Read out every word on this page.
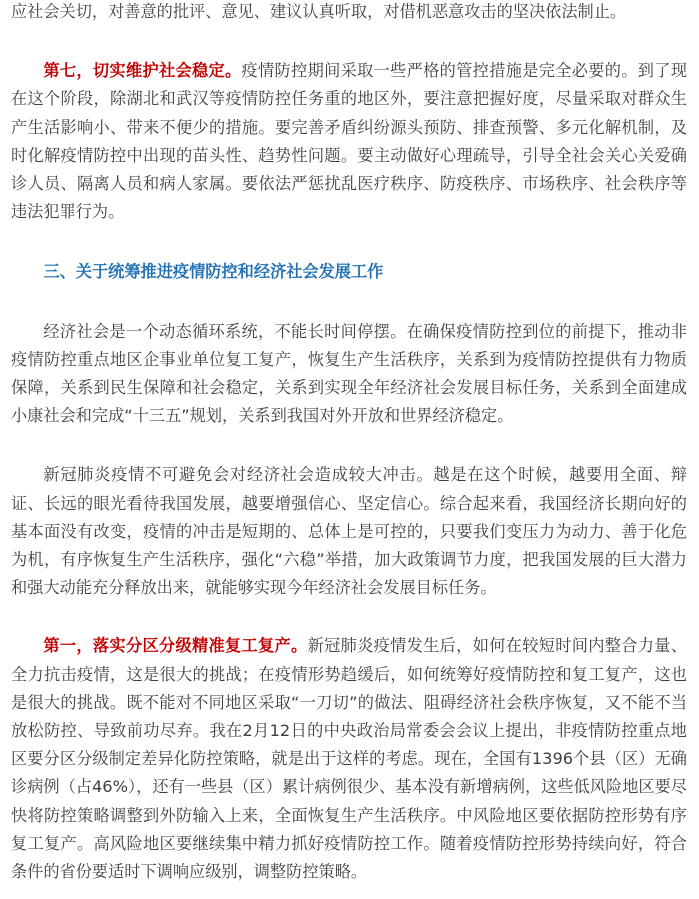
应社会关切，对善意的批评、意见、建议认真听取，对借机恶意攻击的坚决依法制止。

第七，切实维护社会稳定。疫情防控期间采取一些严格的管控措施是完全必要的。到了现在这个阶段，除湖北和武汉等疫情防控任务重的地区外，要注意把握好度，尽量采取对群众生产生活影响小、带来不便少的措施。要完善矛盾纠纷源头预防、排查预警、多元化解机制，及时化解疫情防控中出现的苗头性、趋势性问题。要主动做好心理疏导，引导全社会关心关爱确诊人员、隔离人员和病人家属。要依法严惩扰乱医疗秩序、防疫秩序、市场秩序、社会秩序等违法犯罪行为。

三、关于统筹推进疫情防控和经济社会发展工作

经济社会是一个动态循环系统，不能长时间停摆。在确保疫情防控到位的前提下，推动非疫情防控重点地区企事业单位复工复产，恢复生产生活秩序，关系到为疫情防控提供有力物质保障，关系到民生保障和社会稳定，关系到实现全年经济社会发展目标任务，关系到全面建成小康社会和完成“十三五”规划，关系到我国对外开放和世界经济稳定。

新冠肺炎疫情不可避免会对经济社会造成较大冲击。越是在这个时候，越要用全面、辩证、长远的眼光看待我国发展，越要增强信心、坚定信心。综合起来看，我国经济长期向好的基本面没有改变，疫情的冲击是短期的、总体上是可控的，只要我们变压力为动力、善于化危为机，有序恢复生产生活秩序，强化“六稳”举措，加大政策调节力度，把我国发展的巨大潜力和强大动能充分释放出来，就能够实现今年经济社会发展目标任务。

第一，落实分区分级精准复工复产。新冠肺炎疫情发生后，如何在较短时间内整合力量、全力抗击疫情，这是很大的挑战；在疫情形势趋缓后，如何统筹好疫情防控和复工复产，这也是很大的挑战。既不能对不同地区采取“一刀切”的做法、阻碍经济社会秩序恢复，又不能不当放松防控、导致前功尽弃。我在2月12日的中央政治局常委会会议上提出，非疫情防控重点地区要分区分级制定差异化防控策略，就是出于这样的考虑。现在，全国有1396个县（区）无确诊病例（占46%），还有一些县（区）累计病例很少、基本没有新增病例，这些低风险地区要尽快将防控策略调整到外防输入上来，全面恢复生产生活秩序。中风险地区要依据防控形势有序复工复产。高风险地区要继续集中精力抓好疫情防控工作。随着疫情防控形势持续向好，符合条件的省份要适时下调响应级别，调整防控策略。
